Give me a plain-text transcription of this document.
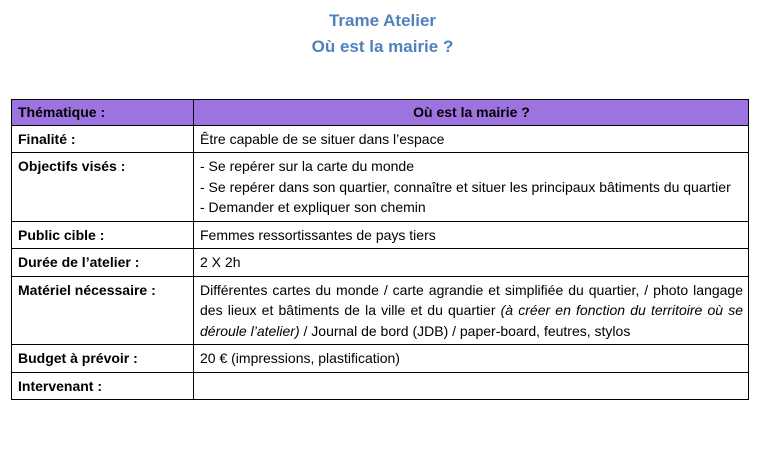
Trame Atelier
Où est la mairie ?
Thématique :	Où est la mairie ?
Finalité :	Être capable de se situer dans l’espace
Objectifs visés :	- Se repérer sur la carte du monde
- Se repérer dans son quartier, connaître et situer les principaux bâtiments du quartier
- Demander et expliquer son chemin

Public cible :	Femmes ressortissantes de pays tiers
Durée de l’atelier :	2 X 2h
Matériel nécessaire :	Différentes cartes du monde / carte agrandie et simplifiée du quartier, / photo langage des lieux et bâtiments de la ville et du quartier (à créer en fonction du territoire où se déroule l’atelier) / Journal de bord (JDB) / paper-board, feutres, stylos
Budget à prévoir :	20 € (impressions, plastification)
Intervenant :	
